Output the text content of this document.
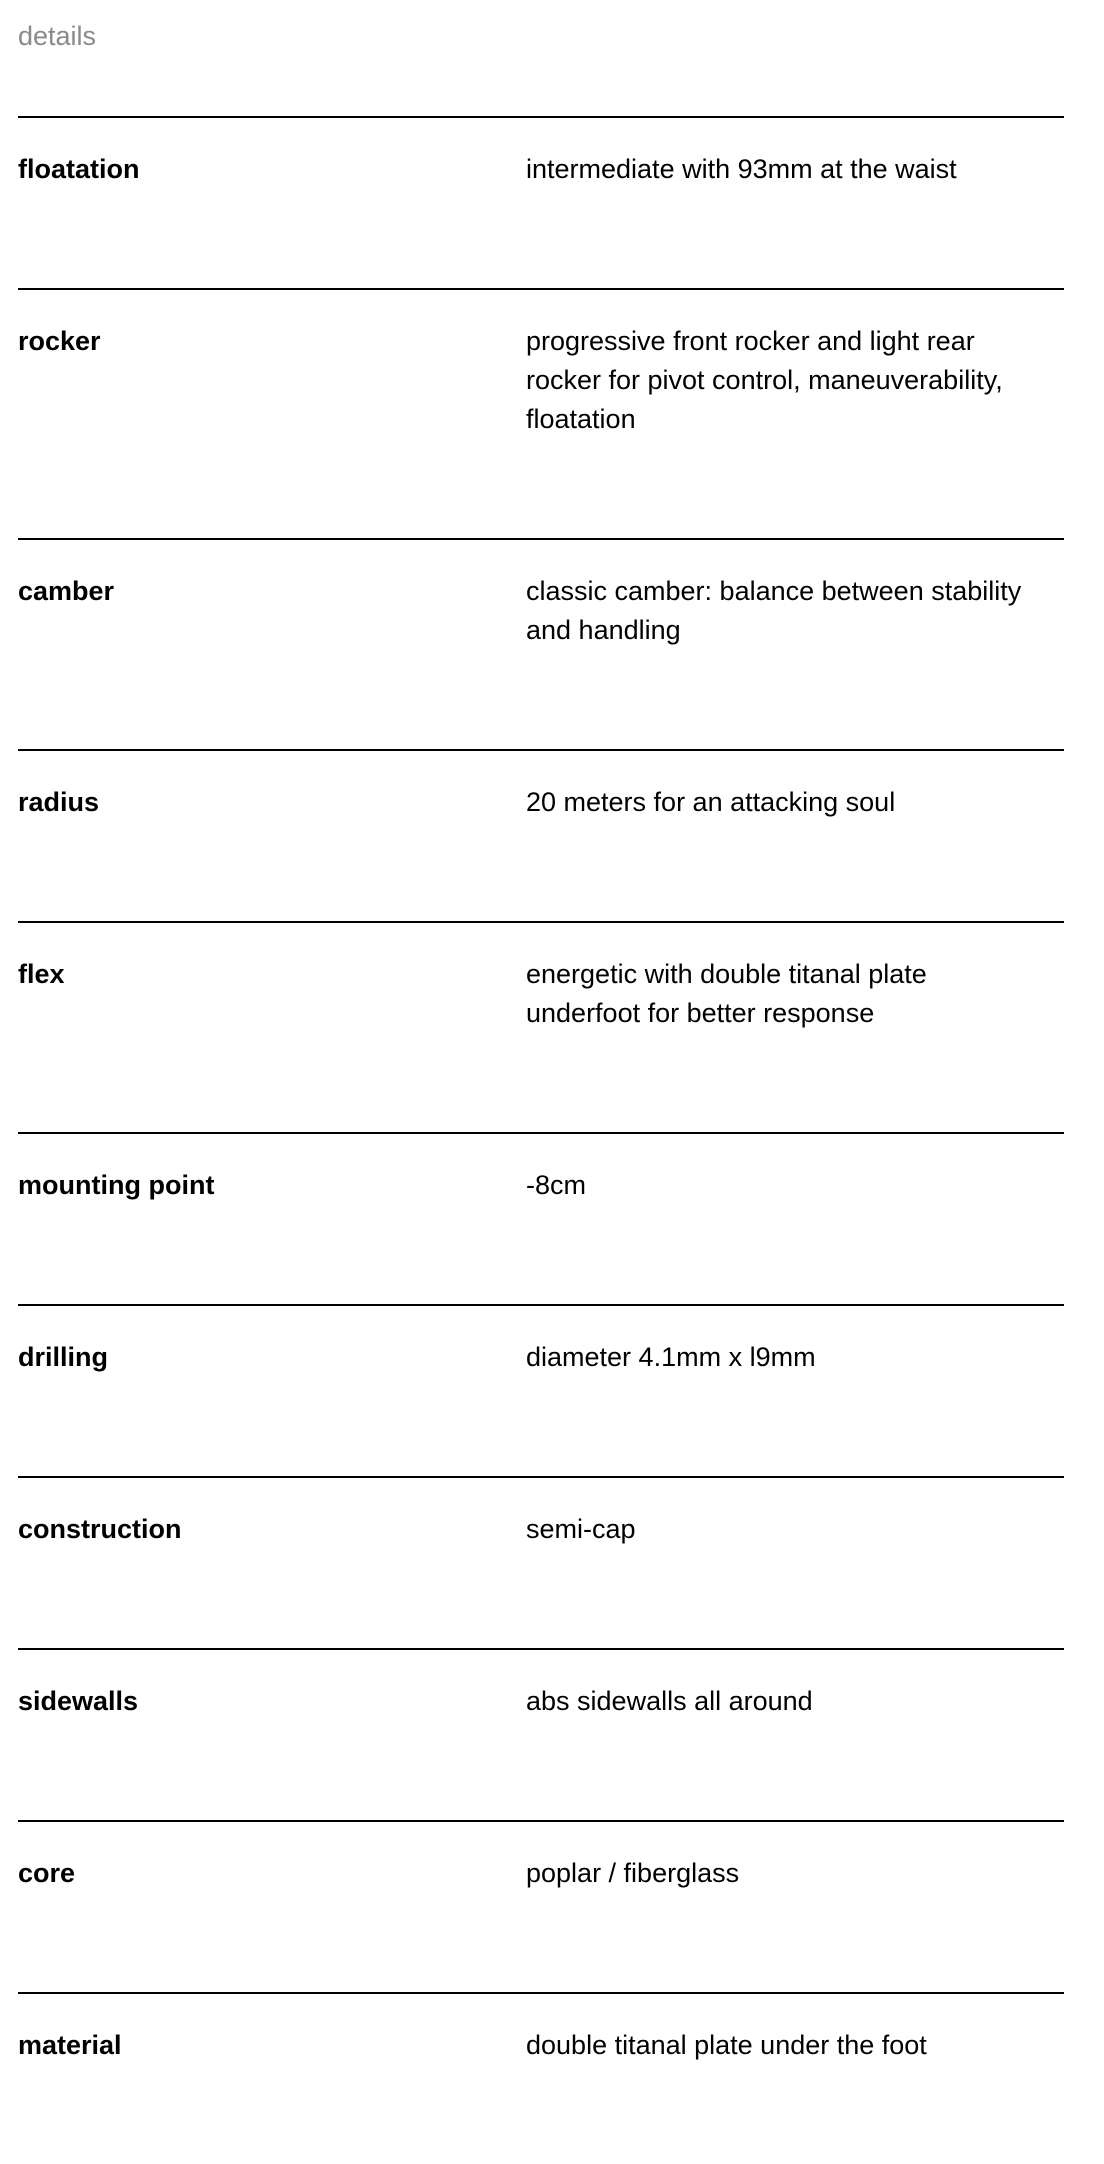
details
floatation	intermediate with 93mm at the waist
rocker	progressive front rocker and light rear rocker for pivot control, maneuverability, floatation
camber	classic camber: balance between stability and handling
radius	20 meters for an attacking soul
flex	energetic with double titanal plate underfoot for better response
mounting point	-8cm
drilling	diameter 4.1mm x l9mm
construction	semi-cap
sidewalls	abs sidewalls all around
core	poplar / fiberglass
material	double titanal plate under the foot
